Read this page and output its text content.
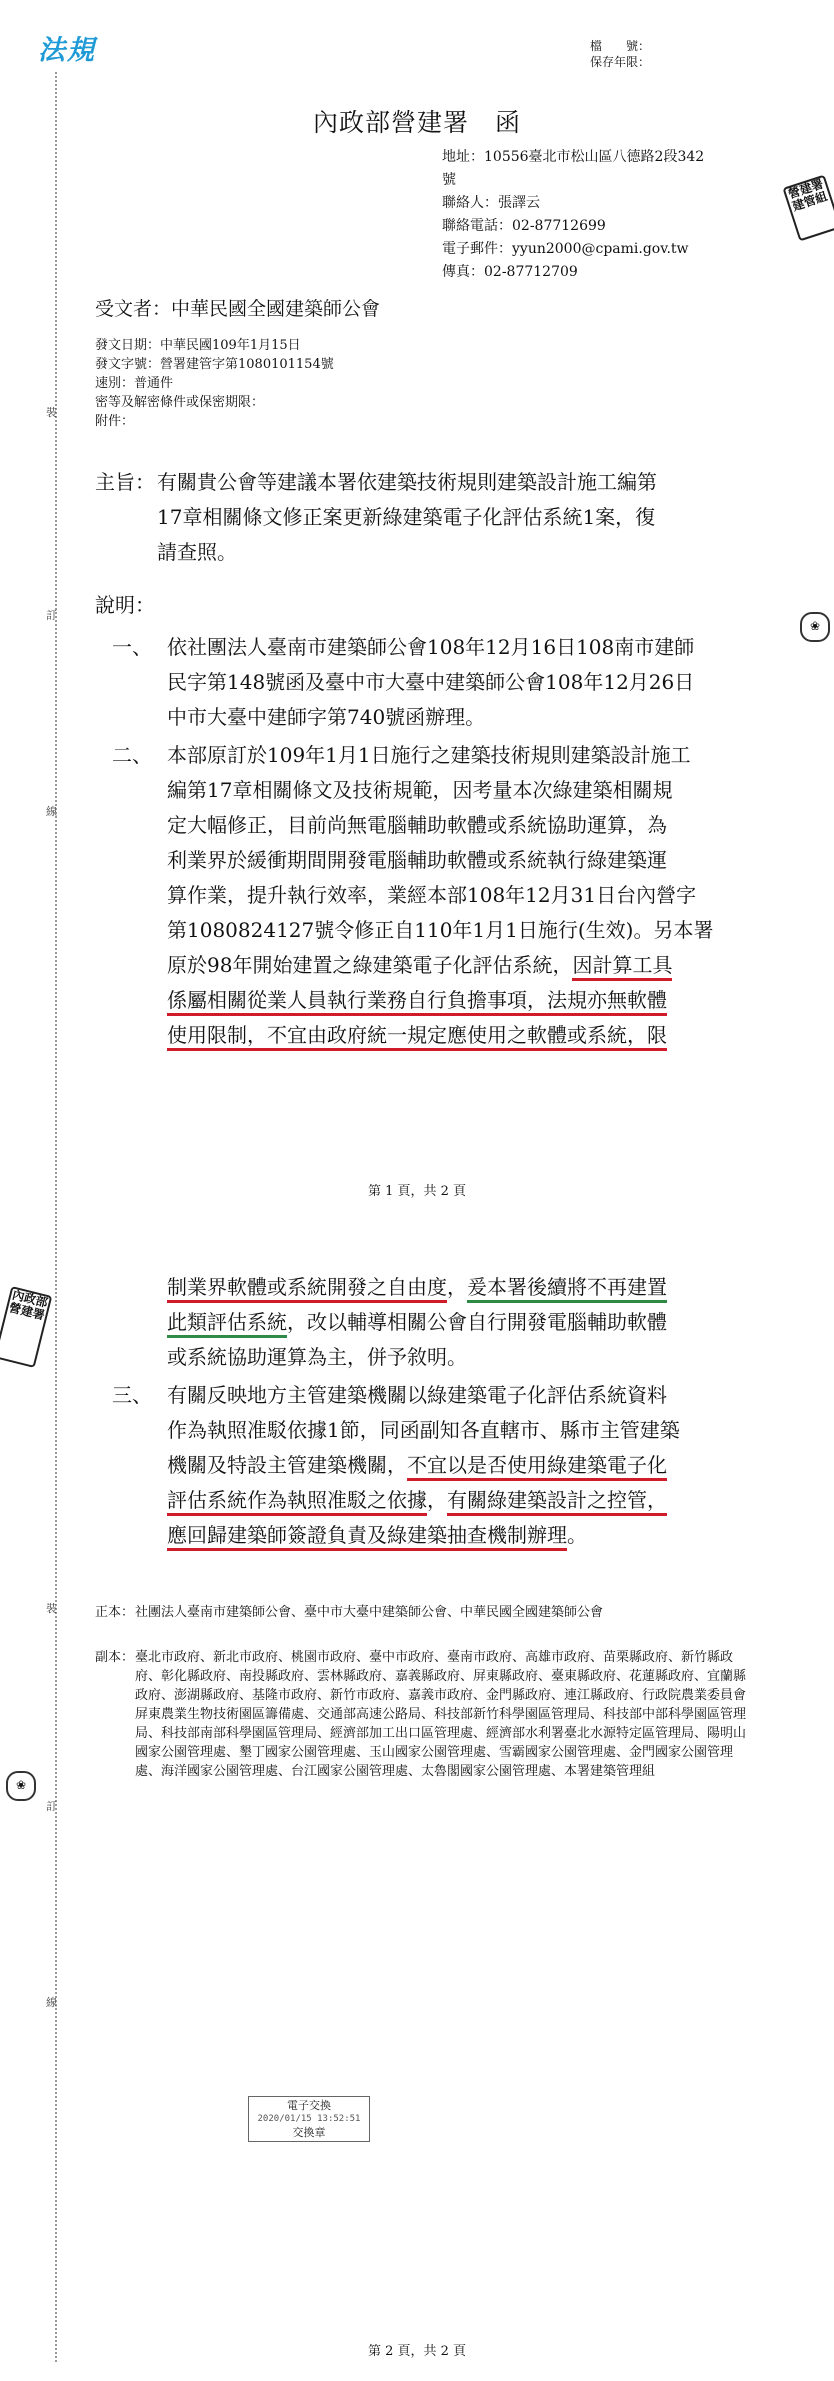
法規	檔　　號：
保存年限：
裝
訂
線
裝
訂
線
營建署
建管組
內政部
營建署
❀
❀
內政部營建署　函
地址：10556臺北市松山區八德路2段342
號
聯絡人：張譯云
聯絡電話：02-87712699
電子郵件：yyun2000@cpami.gov.tw
傳真：02-87712709
受文者：中華民國全國建築師公會
發文日期：中華民國109年1月15日
發文字號：營署建管字第1080101154號
速別：普通件
密等及解密條件或保密期限：
附件：
主旨： 有關貴公會等建議本署依建築技術規則建築設計施工編第
17章相關條文修正案更新綠建築電子化評估系統1案，復
請查照。
說明：
一、 依社團法人臺南市建築師公會108年12月16日108南市建師
民字第148號函及臺中市大臺中建築師公會108年12月26日
中市大臺中建師字第740號函辦理。
二、 本部原訂於109年1月1日施行之建築技術規則建築設計施工
編第17章相關條文及技術規範，因考量本次綠建築相關規
定大幅修正，目前尚無電腦輔助軟體或系統協助運算，為
利業界於緩衝期間開發電腦輔助軟體或系統執行綠建築運
算作業，提升執行效率，業經本部108年12月31日台內營字
第1080824127號令修正自110年1月1日施行(生效)。另本署
原於98年開始建置之綠建築電子化評估系統，因計算工具
係屬相關從業人員執行業務自行負擔事項，法規亦無軟體
使用限制，不宜由政府統一規定應使用之軟體或系統，限
第 1 頁，共 2 頁
制業界軟體或系統開發之自由度，爰本署後續將不再建置
此類評估系統，改以輔導相關公會自行開發電腦輔助軟體
或系統協助運算為主，併予敘明。
三、 有關反映地方主管建築機關以綠建築電子化評估系統資料
作為執照准駁依據1節，同函副知各直轄市、縣市主管建築
機關及特設主管建築機關，不宜以是否使用綠建築電子化
評估系統作為執照准駁之依據，有關綠建築設計之控管，
應回歸建築師簽證負責及綠建築抽查機制辦理。
正本： 社團法人臺南市建築師公會、臺中市大臺中建築師公會、中華民國全國建築師公會
副本： 臺北市政府、新北市政府、桃園市政府、臺中市政府、臺南市政府、高雄市政府、苗栗縣政府、新竹縣政府、彰化縣政府、南投縣政府、雲林縣政府、嘉義縣政府、屏東縣政府、臺東縣政府、花蓮縣政府、宜蘭縣政府、澎湖縣政府、基隆市政府、新竹市政府、嘉義市政府、金門縣政府、連江縣政府、行政院農業委員會屏東農業生物技術園區籌備處、交通部高速公路局、科技部新竹科學園區管理局、科技部中部科學園區管理局、科技部南部科學園區管理局、經濟部加工出口區管理處、經濟部水利署臺北水源特定區管理局、陽明山國家公園管理處、墾丁國家公園管理處、玉山國家公園管理處、雪霸國家公園管理處、金門國家公園管理處、海洋國家公園管理處、台江國家公園管理處、太魯閣國家公園管理處、本署建築管理組
電子交換
2020/01/15 13:52:51
交換章
第 2 頁，共 2 頁
